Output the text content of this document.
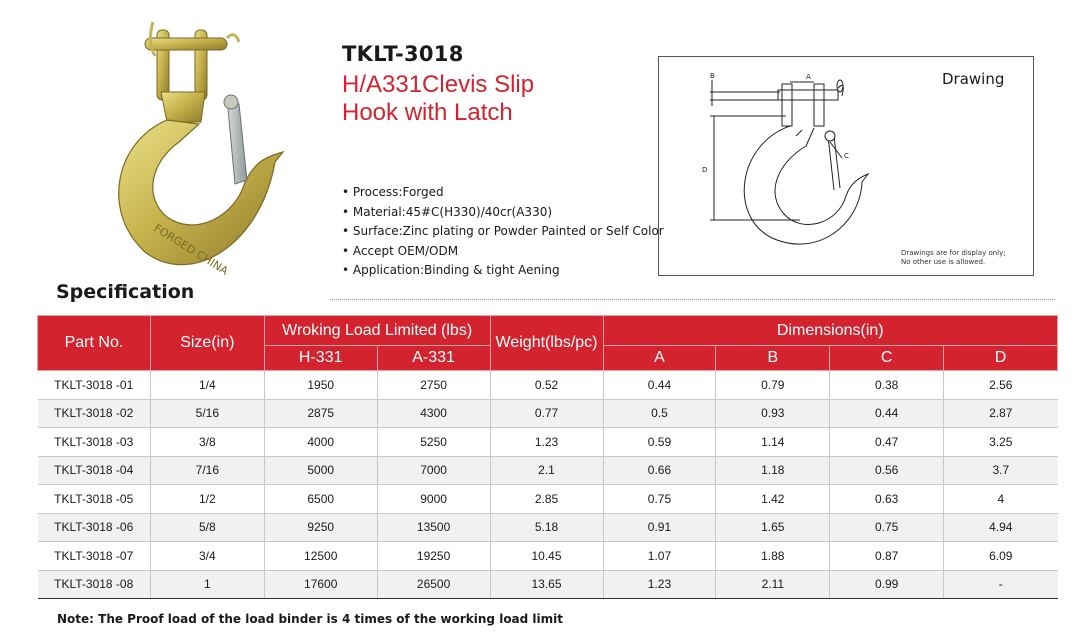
FORGED CHINA
TKLT-3018
H/A331Clevis Slip
Hook with Latch
• Process:Forged
• Material:45#C(H330)/40cr(A330)
• Surface:Zinc plating or Powder Painted or Self Color
• Accept OEM/ODM
• Application:Binding & tight Aening
Drawing
A
B
D
C
Drawings are for display only;
No other use is allowed.
Specification
Part No.	Size(in)	Wroking Load Limited (lbs)		Weight(lbs/pc)	Dimensions(in)			
		H-331	A-331		A	B	C	D
TKLT-3018 -01	1/4	1950	2750	0.52	0.44	0.79	0.38	2.56
TKLT-3018 -02	5/16	2875	4300	0.77	0.5	0.93	0.44	2.87
TKLT-3018 -03	3/8	4000	5250	1.23	0.59	1.14	0.47	3.25
TKLT-3018 -04	7/16	5000	7000	2.1	0.66	1.18	0.56	3.7
TKLT-3018 -05	1/2	6500	9000	2.85	0.75	1.42	0.63	4
TKLT-3018 -06	5/8	9250	13500	5.18	0.91	1.65	0.75	4.94
TKLT-3018 -07	3/4	12500	19250	10.45	1.07	1.88	0.87	6.09
TKLT-3018 -08	1	17600	26500	13.65	1.23	2.11	0.99	-
Note: The Proof load of the load binder is 4 times of the working load limit
